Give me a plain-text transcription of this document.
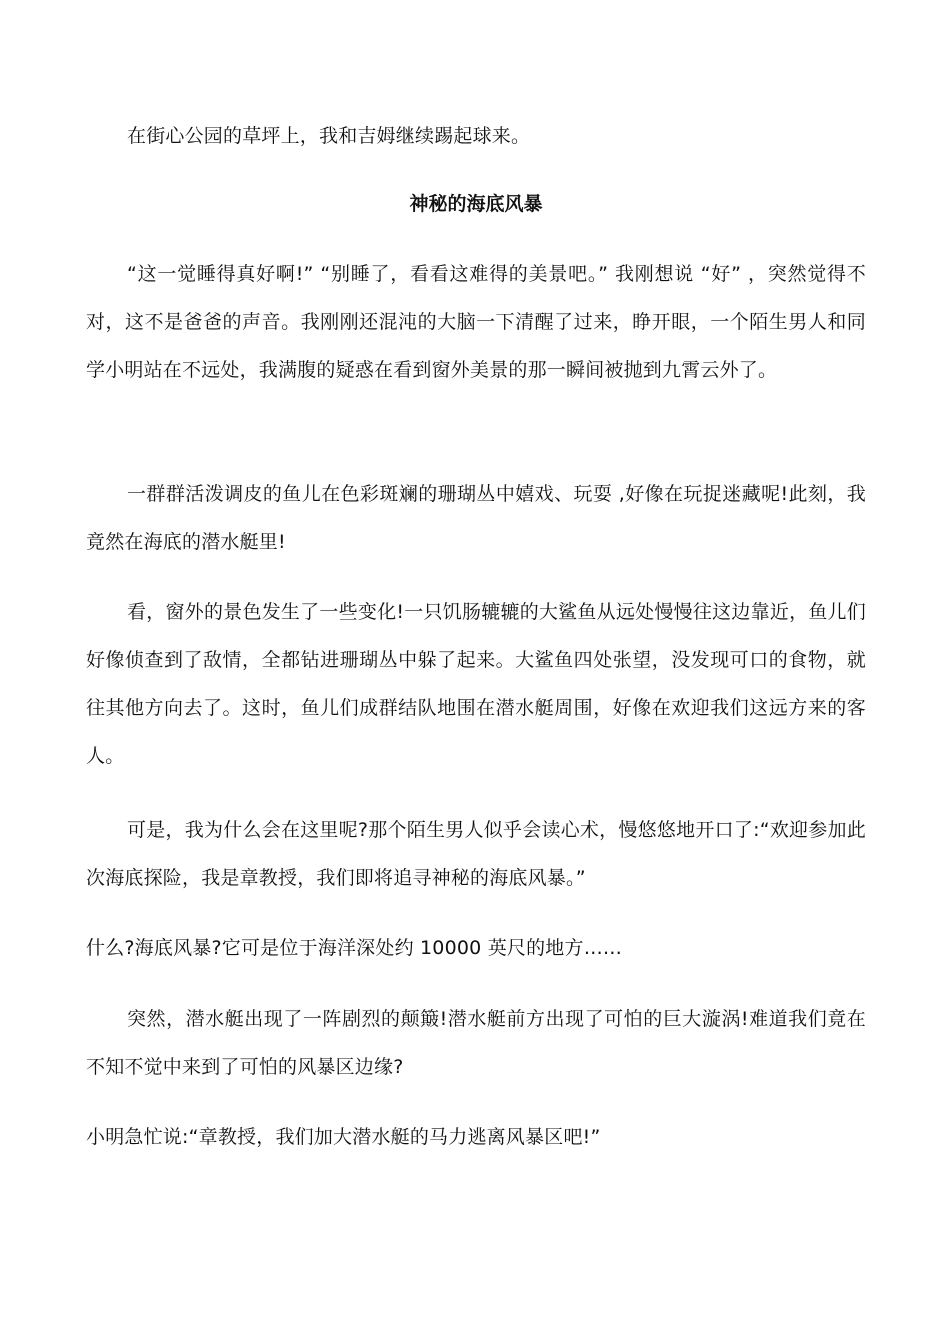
在街心公园的草坪上，我和吉姆继续踢起球来。

神秘的海底风暴

“这一觉睡得真好啊!” “别睡了，看看这难得的美景吧。” 我刚想说 “好” ，突然觉得不对，这不是爸爸的声音。我刚刚还混沌的大脑一下清醒了过来，睁开眼，一个陌生男人和同学小明站在不远处，我满腹的疑惑在看到窗外美景的那一瞬间被抛到九霄云外了。

一群群活泼调皮的鱼儿在色彩斑斓的珊瑚丛中嬉戏、玩耍 ,好像在玩捉迷藏呢!此刻，我竟然在海底的潜水艇里!

看，窗外的景色发生了一些变化!一只饥肠辘辘的大鲨鱼从远处慢慢往这边靠近，鱼儿们好像侦查到了敌情，全都钻进珊瑚丛中躲了起来。大鲨鱼四处张望，没发现可口的食物，就往其他方向去了。这时，鱼儿们成群结队地围在潜水艇周围，好像在欢迎我们这远方来的客人。

可是，我为什么会在这里呢?那个陌生男人似乎会读心术，慢悠悠地开口了:“欢迎参加此次海底探险，我是章教授，我们即将追寻神秘的海底风暴。”

什么?海底风暴?它可是位于海洋深处约 10000 英尺的地方……

突然，潜水艇出现了一阵剧烈的颠簸!潜水艇前方出现了可怕的巨大漩涡!难道我们竟在不知不觉中来到了可怕的风暴区边缘?

小明急忙说:“章教授，我们加大潜水艇的马力逃离风暴区吧!”
